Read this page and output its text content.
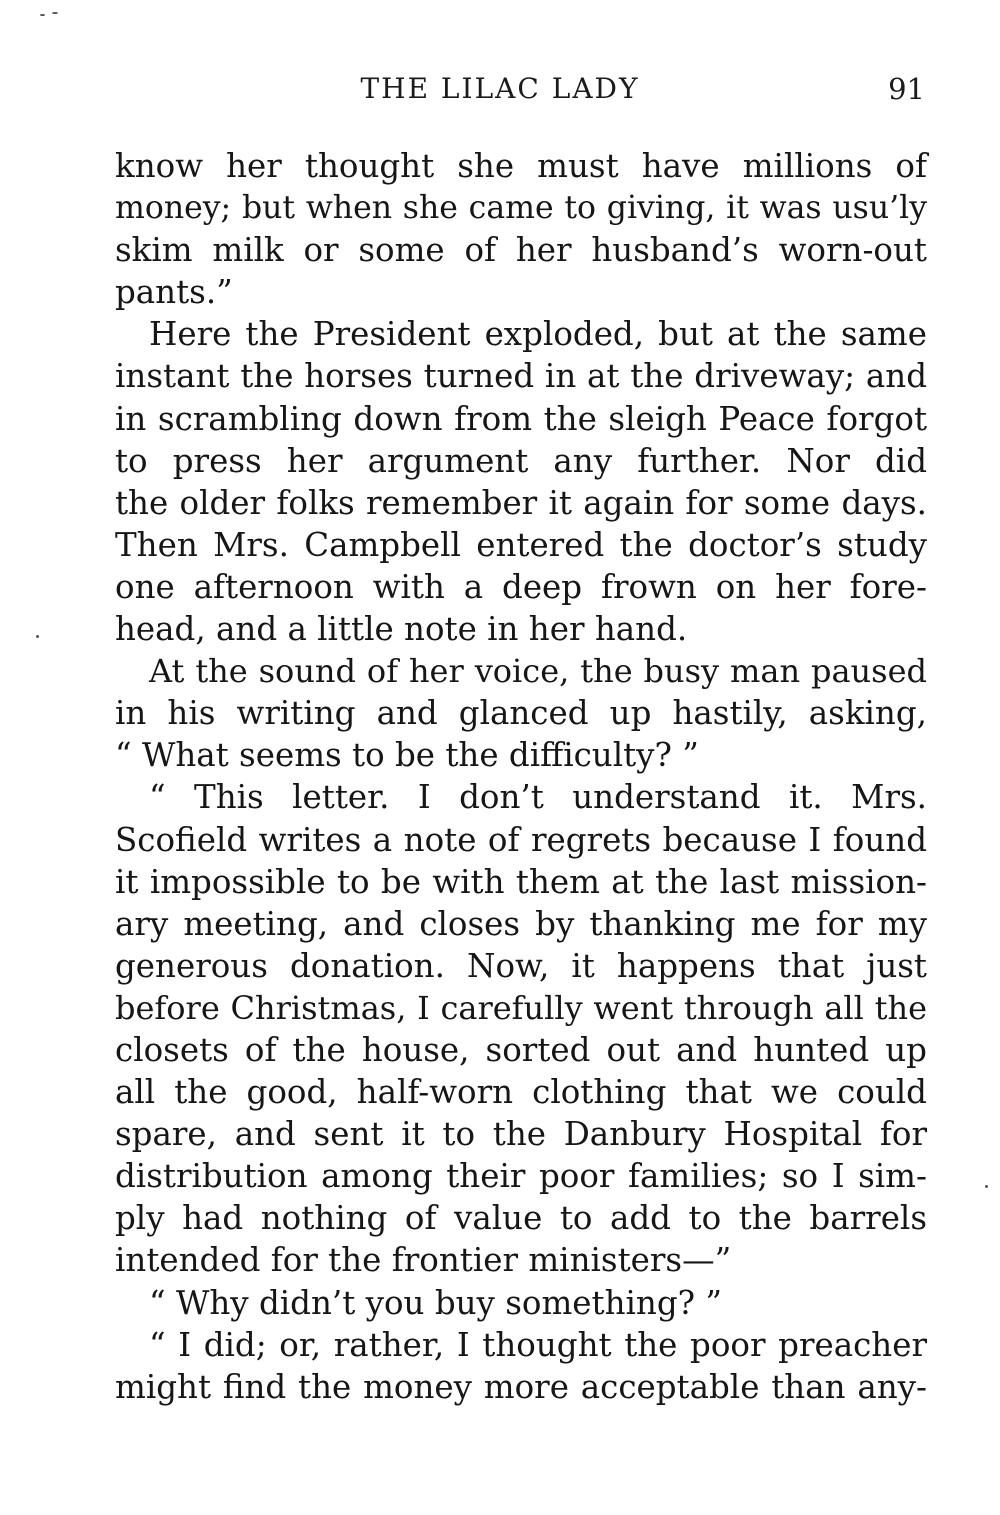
THE LILAC LADY	91
know her thought she must have millions of
money; but when she came to giving, it was usu’ly
skim milk or some of her husband’s worn-out
pants.”
Here the President exploded, but at the same
instant the horses turned in at the driveway; and
in scrambling down from the sleigh Peace forgot
to press her argument any further. Nor did
the older folks remember it again for some days.
Then Mrs. Campbell entered the doctor’s study
one afternoon with a deep frown on her fore-
head, and a little note in her hand.
At the sound of her voice, the busy man paused
in his writing and glanced up hastily, asking,
“ What seems to be the difficulty? ”
“ This letter. I don’t understand it. Mrs.
Scofield writes a note of regrets because I found
it impossible to be with them at the last mission-
ary meeting, and closes by thanking me for my
generous donation. Now, it happens that just
before Christmas, I carefully went through all the
closets of the house, sorted out and hunted up
all the good, half-worn clothing that we could
spare, and sent it to the Danbury Hospital for
distribution among their poor families; so I sim-
ply had nothing of value to add to the barrels
intended for the frontier ministers—”
“ Why didn’t you buy something? ”
“ I did; or, rather, I thought the poor preacher
might find the money more acceptable than any-
